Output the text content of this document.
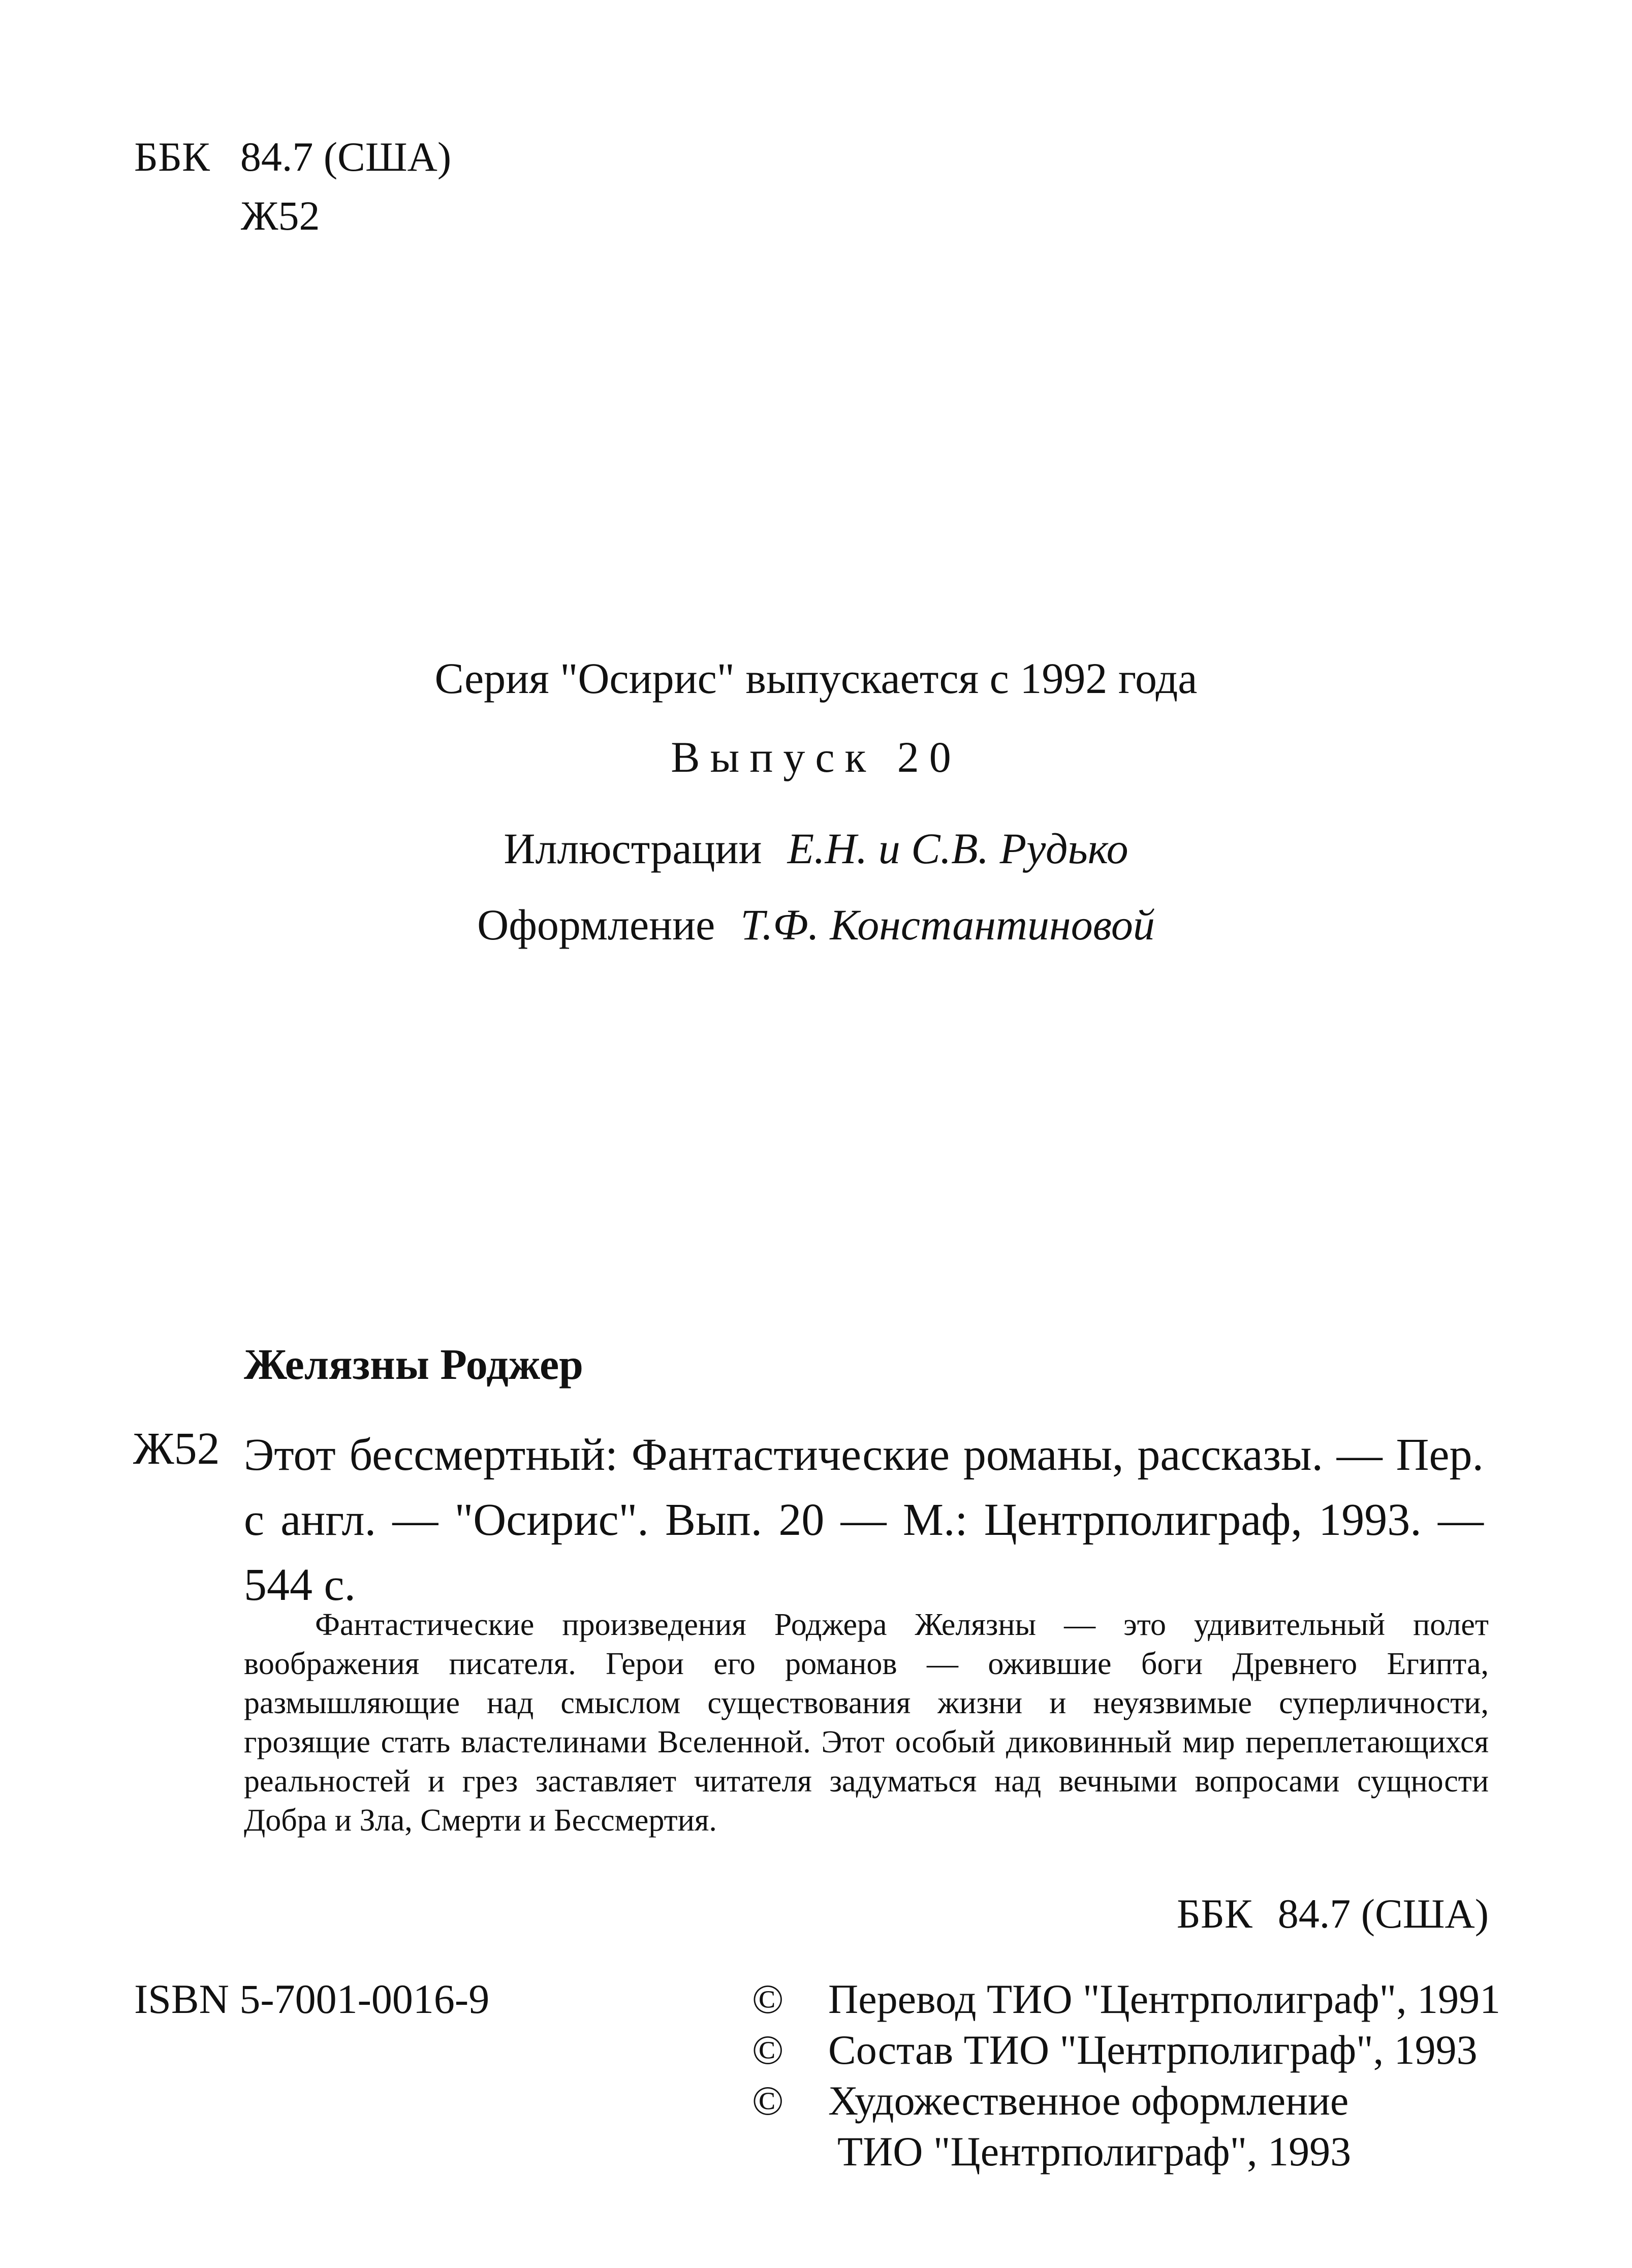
ББК 84.7 (США)
Ж52
Серия "Осирис" выпускается с 1992 года
Выпуск 20
Иллюстрации Е.Н. и С.В. Рудько
Оформление Т.Ф. Константиновой
Желязны Роджер
Ж52 Этот бессмертный: Фантастические романы, рассказы. — Пер. с англ. — "Осирис". Вып. 20 — М.: Центрполиграф, 1993. — 544 с.
Фантастические произведения Роджера Желязны — это удивительный полет воображения писателя. Герои его романов — ожившие боги Древнего Египта, размышляющие над смыслом существования жизни и неуязвимые суперличности, грозящие стать властелинами Вселенной. Этот особый диковинный мир переплетающихся реальностей и грез заставляет читателя задуматься над вечными вопросами сущности Добра и Зла, Смерти и Бессмертия.
ББК 84.7 (США)
ISBN 5-7001-0016-9	©	Перевод ТИО "Центрполиграф", 1991
©	Состав ТИО "Центрполиграф", 1993
©	Художественное оформление
ТИО "Центрполиграф", 1993
